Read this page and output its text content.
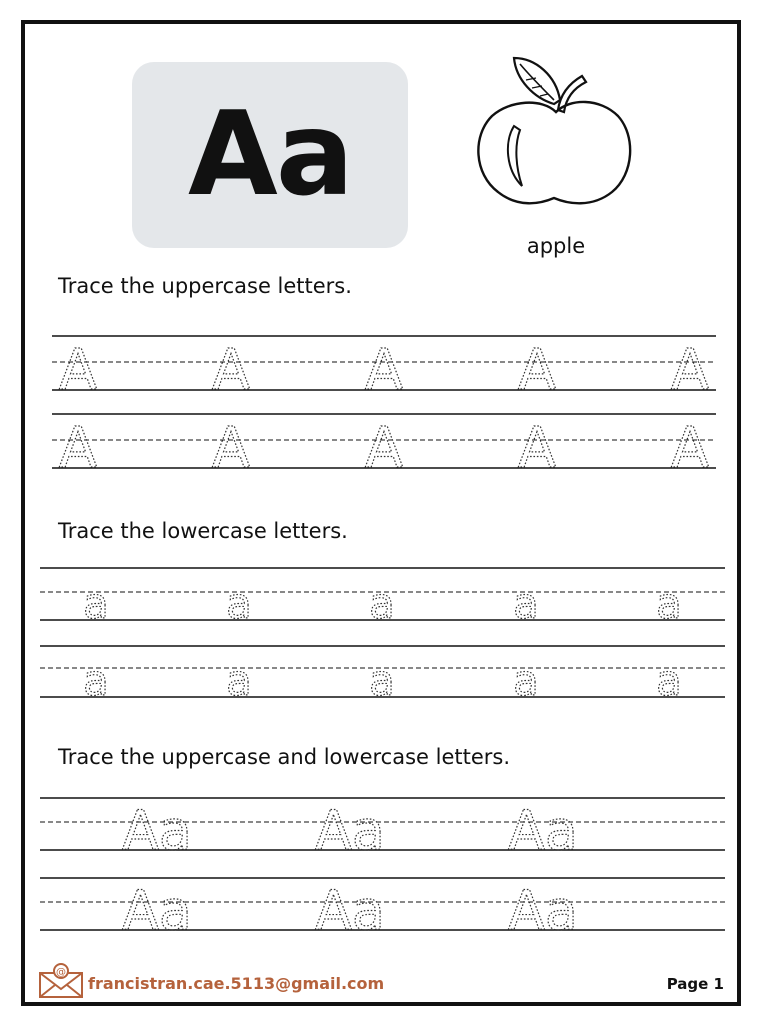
Aa
apple
Trace the uppercase letters.
Trace the lowercase letters.
Trace the uppercase and lowercase letters.
A A A A A
A A A A A
a	a	a	a	a
a	a	a	a	a
Aa Aa Aa
Aa Aa Aa
@
francistran.cae.5113@gmail.com	Page 1
